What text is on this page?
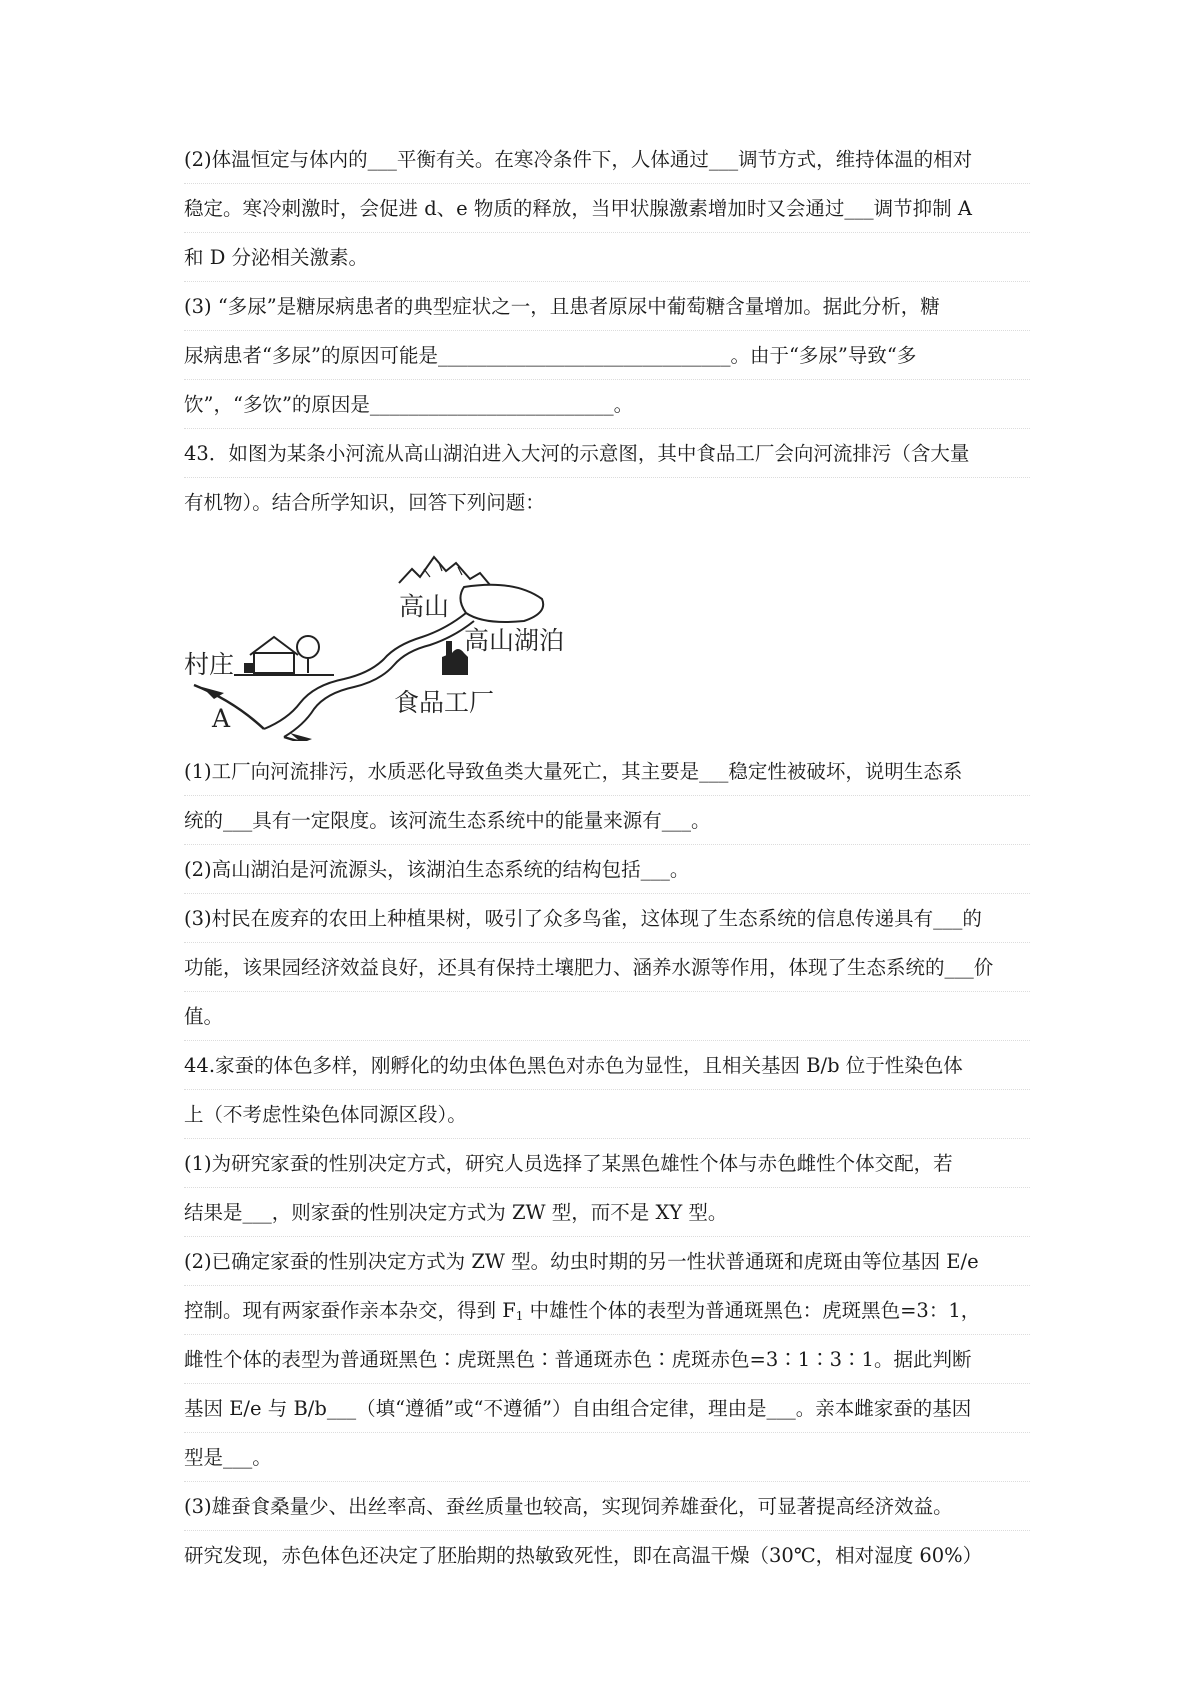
(2)体温恒定与体内的___平衡有关。在寒冷条件下，人体通过___调节方式，维持体温的相对
稳定。寒冷刺激时，会促进 d、e 物质的释放，当甲状腺激素增加时又会通过___调节抑制 A
和 D 分泌相关激素。
(3) “多尿”是糖尿病患者的典型症状之一，且患者原尿中葡萄糖含量增加。据此分析，糖
尿病患者“多尿”的原因可能是______________________________。由于“多尿”导致“多
饮”，“多饮”的原因是_________________________。
43．如图为某条小河流从高山湖泊进入大河的示意图，其中食品工厂会向河流排污（含大量
有机物）。结合所学知识，回答下列问题：
高山
高山湖泊
村庄
食品工厂
A
(1)工厂向河流排污，水质恶化导致鱼类大量死亡，其主要是___稳定性被破坏，说明生态系
统的___具有一定限度。该河流生态系统中的能量来源有___。
(2)高山湖泊是河流源头，该湖泊生态系统的结构包括___。
(3)村民在废弃的农田上种植果树，吸引了众多鸟雀，这体现了生态系统的信息传递具有___的
功能，该果园经济效益良好，还具有保持土壤肥力、涵养水源等作用，体现了生态系统的___价
值。
44.家蚕的体色多样，刚孵化的幼虫体色黑色对赤色为显性，且相关基因 B/b 位于性染色体
上（不考虑性染色体同源区段）。
(1)为研究家蚕的性别决定方式，研究人员选择了某黑色雄性个体与赤色雌性个体交配，若
结果是___，则家蚕的性别决定方式为 ZW 型，而不是 XY 型。
(2)已确定家蚕的性别决定方式为 ZW 型。幼虫时期的另一性状普通斑和虎斑由等位基因 E/e
控制。现有两家蚕作亲本杂交，得到 $F_1$ 中雄性个体的表型为普通斑黑色：虎斑黑色=3：1，
雌性个体的表型为普通斑黑色∶虎斑黑色∶普通斑赤色∶虎斑赤色=3∶1∶3∶1。据此判断
基因 E/e 与 B/b___（填“遵循”或“不遵循”）自由组合定律，理由是___。亲本雌家蚕的基因
型是___。
(3)雄蚕食桑量少、出丝率高、蚕丝质量也较高，实现饲养雄蚕化，可显著提高经济效益。
研究发现，赤色体色还决定了胚胎期的热敏致死性，即在高温干燥（30℃，相对湿度 60%）
